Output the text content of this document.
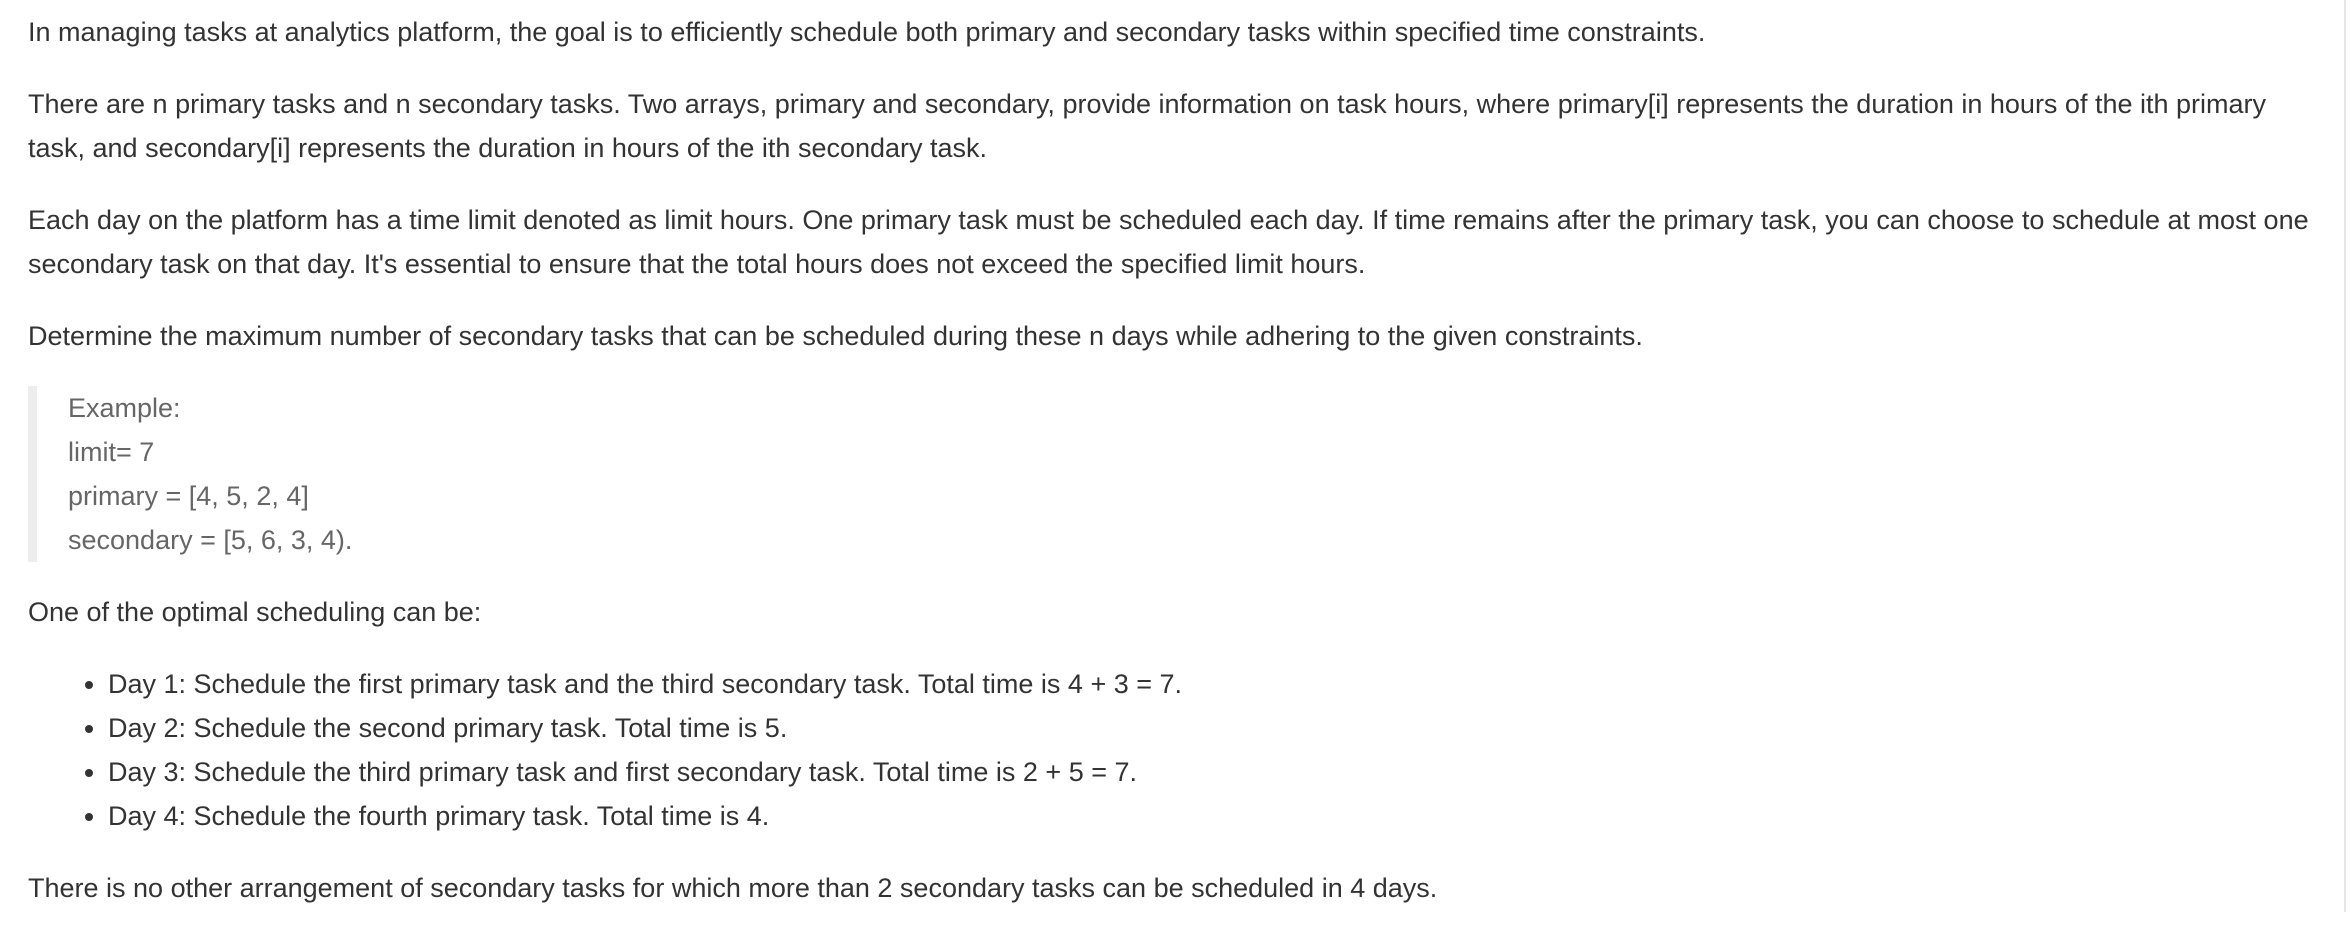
In managing tasks at analytics platform, the goal is to efficiently schedule both primary and secondary tasks within specified time constraints.

There are n primary tasks and n secondary tasks. Two arrays, primary and secondary, provide information on task hours, where primary[i] represents the duration in hours of the ith primary task, and secondary[i] represents the duration in hours of the ith secondary task.

Each day on the platform has a time limit denoted as limit hours. One primary task must be scheduled each day. If time remains after the primary task, you can choose to schedule at most one secondary task on that day. It's essential to ensure that the total hours does not exceed the specified limit hours.

Determine the maximum number of secondary tasks that can be scheduled during these n days while adhering to the given constraints.

Example:
limit= 7
primary = [4, 5, 2, 4]
secondary = [5, 6, 3, 4).

One of the optimal scheduling can be:

• Day 1: Schedule the first primary task and the third secondary task. Total time is 4 + 3 = 7.
• Day 2: Schedule the second primary task. Total time is 5.
• Day 3: Schedule the third primary task and first secondary task. Total time is 2 + 5 = 7.
• Day 4: Schedule the fourth primary task. Total time is 4.

There is no other arrangement of secondary tasks for which more than 2 secondary tasks can be scheduled in 4 days.
